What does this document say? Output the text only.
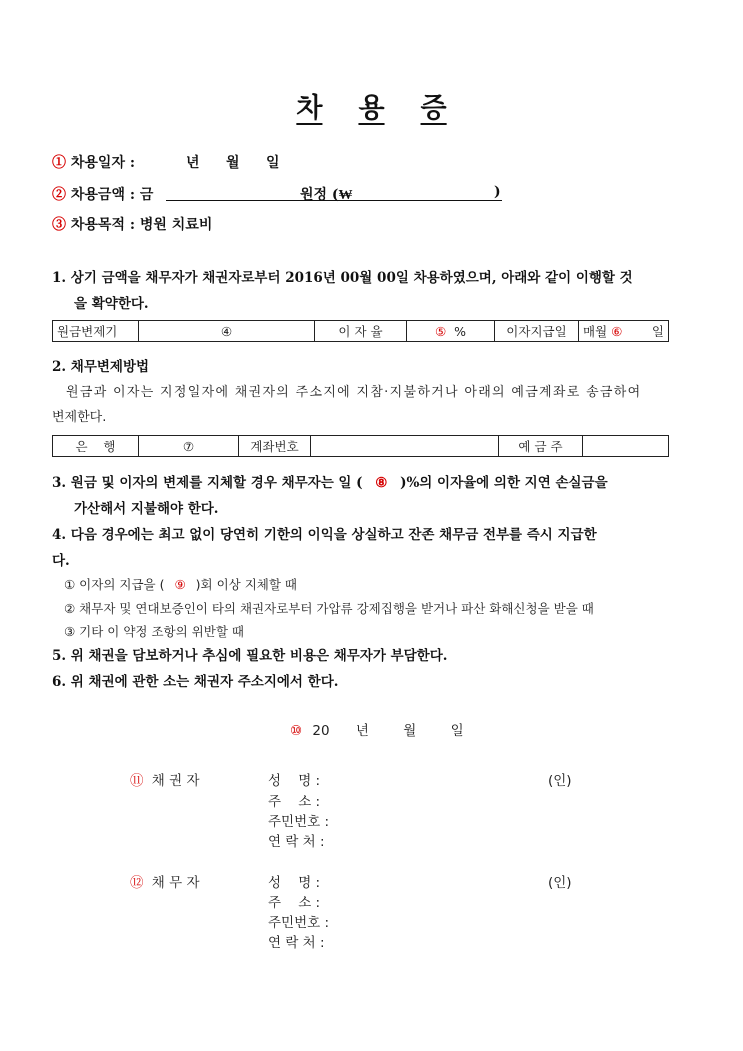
차 용 증
① 차용일자 :	년 월 일
② 차용금액 : 금	원정 (₩	)
③ 차용목적 : 병원 치료비
1. 상기 금액을 채무자가 채권자로부터 2016년 00월 00일 차용하였으며, 아래와 같이 이행할 것
을 확약한다.
원금변제기	④	이 자 율	⑤ %	이자지급일	매월 ⑥ 일
2. 채무변제방법
원금과 이자는 지정일자에 채권자의 주소지에 지참·지불하거나 아래의 예금계좌로 송금하여
변제한다.
은    행	⑦	계좌번호		예 금 주	
3. 원금 및 이자의 변제를 지체할 경우 채무자는 일 ( ⑧ )%의 이자율에 의한 지연 손실금을
가산해서 지불해야 한다.
4. 다음 경우에는 최고 없이 당연히 기한의 이익을 상실하고 잔존 채무금 전부를 즉시 지급한
다.
① 이자의 지급을 ( ⑨ )회 이상 지체할 때
② 채무자 및 연대보증인이 타의 채권자로부터 가압류 강제집행을 받거나 파산 화해신청을 받을 때
③ 기타 이 약정 조항의 위반할 때
5. 위 채권을 담보하거나 추심에 필요한 비용은 채무자가 부담한다.
6. 위 채권에 관한 소는 채권자 주소지에서 한다.
⑩ 20 년	월	일
⑪ 채 권 자	성    명 :
주    소 :
주민번호 :
연 락 처 :
(인)
⑫ 채 무 자	성    명 :
주    소 :
주민번호 :
연 락 처 :
(인)
